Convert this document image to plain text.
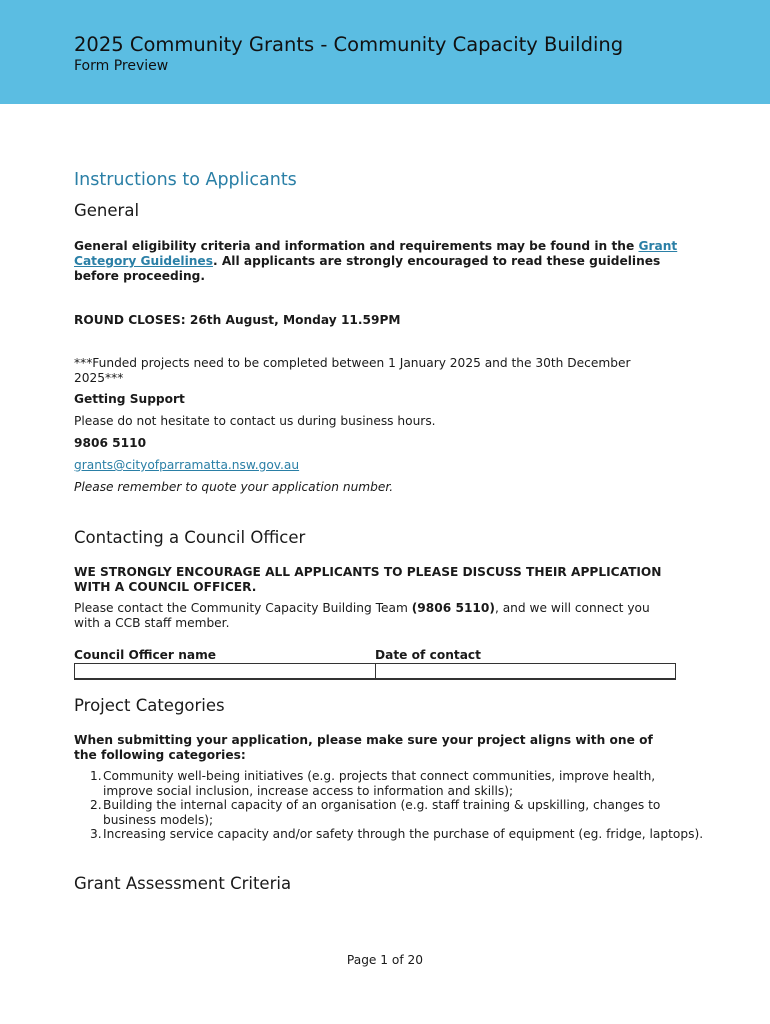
2025 Community Grants - Community Capacity Building
Form Preview
Instructions to Applicants
General

General eligibility criteria and information and requirements may be found in the Grant Category Guidelines. All applicants are strongly encouraged to read these guidelines before proceeding.

ROUND CLOSES: 26th August, Monday 11.59PM

***Funded projects need to be completed between 1 January 2025 and the 30th December 2025***

Getting Support

Please do not hesitate to contact us during business hours.

9806 5110

grants@cityofparramatta.nsw.gov.au

Please remember to quote your application number.

Contacting a Council Officer

WE STRONGLY ENCOURAGE ALL APPLICANTS TO PLEASE DISCUSS THEIR APPLICATION WITH A COUNCIL OFFICER.

Please contact the Community Capacity Building Team (9806 5110), and we will connect you with a CCB staff member.

Council Officer name	Date of contact
Project Categories

When submitting your application, please make sure your project aligns with one of the following categories:

Community well-being initiatives (e.g. projects that connect communities, improve health, improve social inclusion, increase access to information and skills);
Building the internal capacity of an organisation (e.g. staff training & upskilling, changes to business models);
Increasing service capacity and/or safety through the purchase of equipment (eg. fridge, laptops).
Grant Assessment Criteria
Page 1 of 20
